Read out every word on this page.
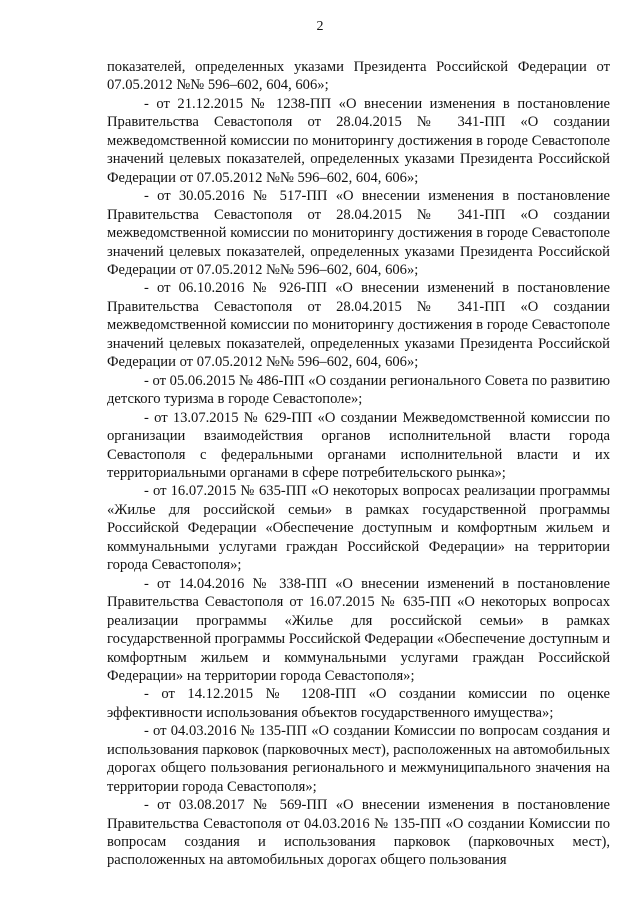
2

показателей, определенных указами Президента Российской Федерации от 07.05.2012 №№ 596–602, 604, 606»;

- от 21.12.2015 № 1238-ПП «О внесении изменения в постановление Правительства Севастополя от 28.04.2015 № 341-ПП «О создании межведомственной комиссии по мониторингу достижения в городе Севастополе значений целевых показателей, определенных указами Президента Российской Федерации от 07.05.2012 №№ 596–602, 604, 606»;

- от 30.05.2016 № 517-ПП «О внесении изменения в постановление Правительства Севастополя от 28.04.2015 № 341-ПП «О создании межведомственной комиссии по мониторингу достижения в городе Севастополе значений целевых показателей, определенных указами Президента Российской Федерации от 07.05.2012 №№ 596–602, 604, 606»;

- от 06.10.2016 № 926-ПП «О внесении изменений в постановление Правительства Севастополя от 28.04.2015 № 341-ПП «О создании межведомственной комиссии по мониторингу достижения в городе Севастополе значений целевых показателей, определенных указами Президента Российской Федерации от 07.05.2012 №№ 596–602, 604, 606»;

- от 05.06.2015 № 486-ПП «О создании регионального Совета по развитию детского туризма в городе Севастополе»;

- от 13.07.2015 № 629-ПП «О создании Межведомственной комиссии по организации взаимодействия органов исполнительной власти города Севастополя с федеральными органами исполнительной власти и их территориальными органами в сфере потребительского рынка»;

- от 16.07.2015 № 635-ПП «О некоторых вопросах реализации программы «Жилье для российской семьи» в рамках государственной программы Российской Федерации «Обеспечение доступным и комфортным жильем и коммунальными услугами граждан Российской Федерации» на территории города Севастополя»;

- от 14.04.2016 № 338-ПП «О внесении изменений в постановление Правительства Севастополя от 16.07.2015 № 635-ПП «О некоторых вопросах реализации программы «Жилье для российской семьи» в рамках государственной программы Российской Федерации «Обеспечение доступным и комфортным жильем и коммунальными услугами граждан Российской Федерации» на территории города Севастополя»;

- от 14.12.2015 № 1208-ПП «О создании комиссии по оценке эффективности использования объектов государственного имущества»;

- от 04.03.2016 № 135-ПП «О создании Комиссии по вопросам создания и использования парковок (парковочных мест), расположенных на автомобильных дорогах общего пользования регионального и межмуниципального значения на территории города Севастополя»;

- от 03.08.2017 № 569-ПП «О внесении изменения в постановление Правительства Севастополя от 04.03.2016 № 135-ПП «О создании Комиссии по вопросам создания и использования парковок (парковочных мест), расположенных на автомобильных дорогах общего пользования
